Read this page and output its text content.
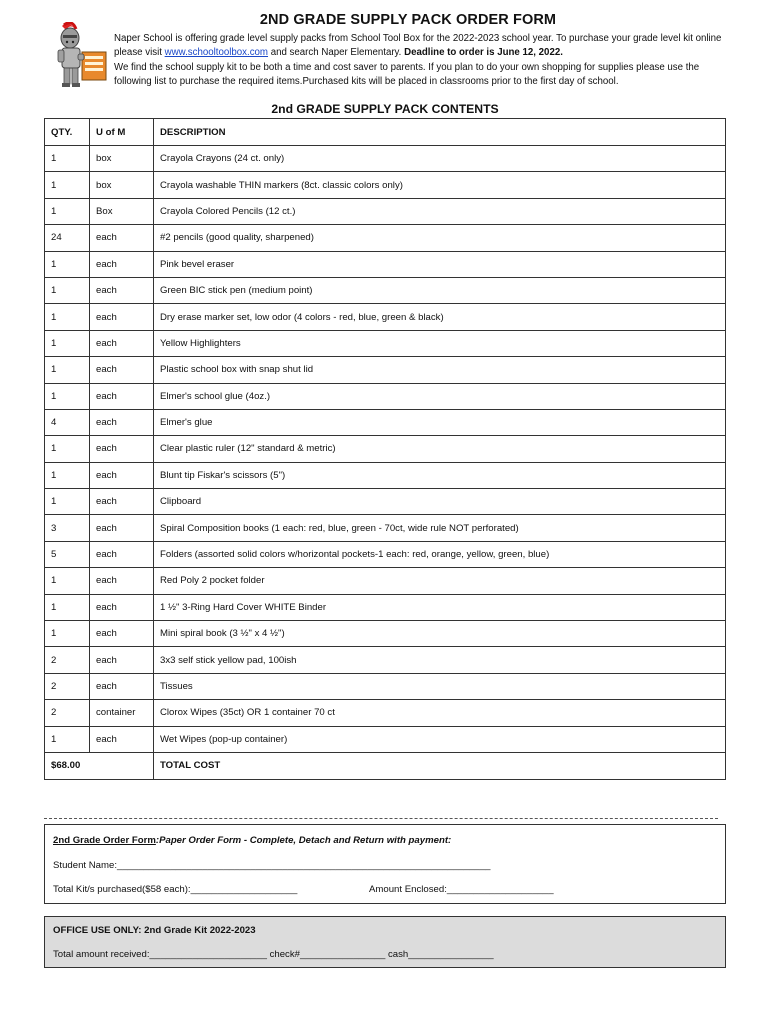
2ND GRADE SUPPLY PACK ORDER FORM

Naper School is offering grade level supply packs from School Tool Box for the 2022-2023 school year. To purchase your grade level kit online please visit www.schooltoolbox.com and search Naper Elementary. Deadline to order is June 12, 2022.

We find the school supply kit to be both a time and cost saver to parents. If you plan to do your own shopping for supplies please use the following list to purchase the required items.Purchased kits will be placed in classrooms prior to the first day of school.

2nd GRADE SUPPLY PACK CONTENTS
QTY.	U of M	DESCRIPTION
1	box	Crayola Crayons (24 ct. only)
1	box	Crayola washable THIN markers (8ct. classic colors only)
1	Box	Crayola Colored Pencils (12 ct.)
24	each	#2 pencils (good quality, sharpened)
1	each	Pink bevel eraser
1	each	Green BIC stick pen (medium point)
1	each	Dry erase marker set, low odor (4 colors - red, blue, green & black)
1	each	Yellow Highlighters
1	each	Plastic school box with snap shut lid
1	each	Elmer's school glue (4oz.)
4	each	Elmer's glue
1	each	Clear plastic ruler (12" standard & metric)
1	each	Blunt tip Fiskar's scissors (5")
1	each	Clipboard
3	each	Spiral Composition books (1 each: red, blue, green - 70ct, wide rule NOT perforated)
5	each	Folders (assorted solid colors w/horizontal pockets-1 each: red, orange, yellow, green, blue)
1	each	Red Poly 2 pocket folder
1	each	1 ½" 3-Ring Hard Cover WHITE Binder
1	each	Mini spiral book (3 ½" x 4 ½")
2	each	3x3 self stick yellow pad, 100ish
2	each	Tissues
2	container	Clorox Wipes (35ct) OR 1 container 70 ct
1	each	Wet Wipes (pop-up container)
$68.00		TOTAL COST
2nd Grade Order Form:Paper Order Form - Complete, Detach and Return with payment:
Student Name:______________________________________________________________________
Total Kit/s purchased($58 each):____________________	Amount Enclosed:____________________
OFFICE USE ONLY: 2nd Grade Kit 2022-2023
Total amount received:______________________ check#________________ cash________________
